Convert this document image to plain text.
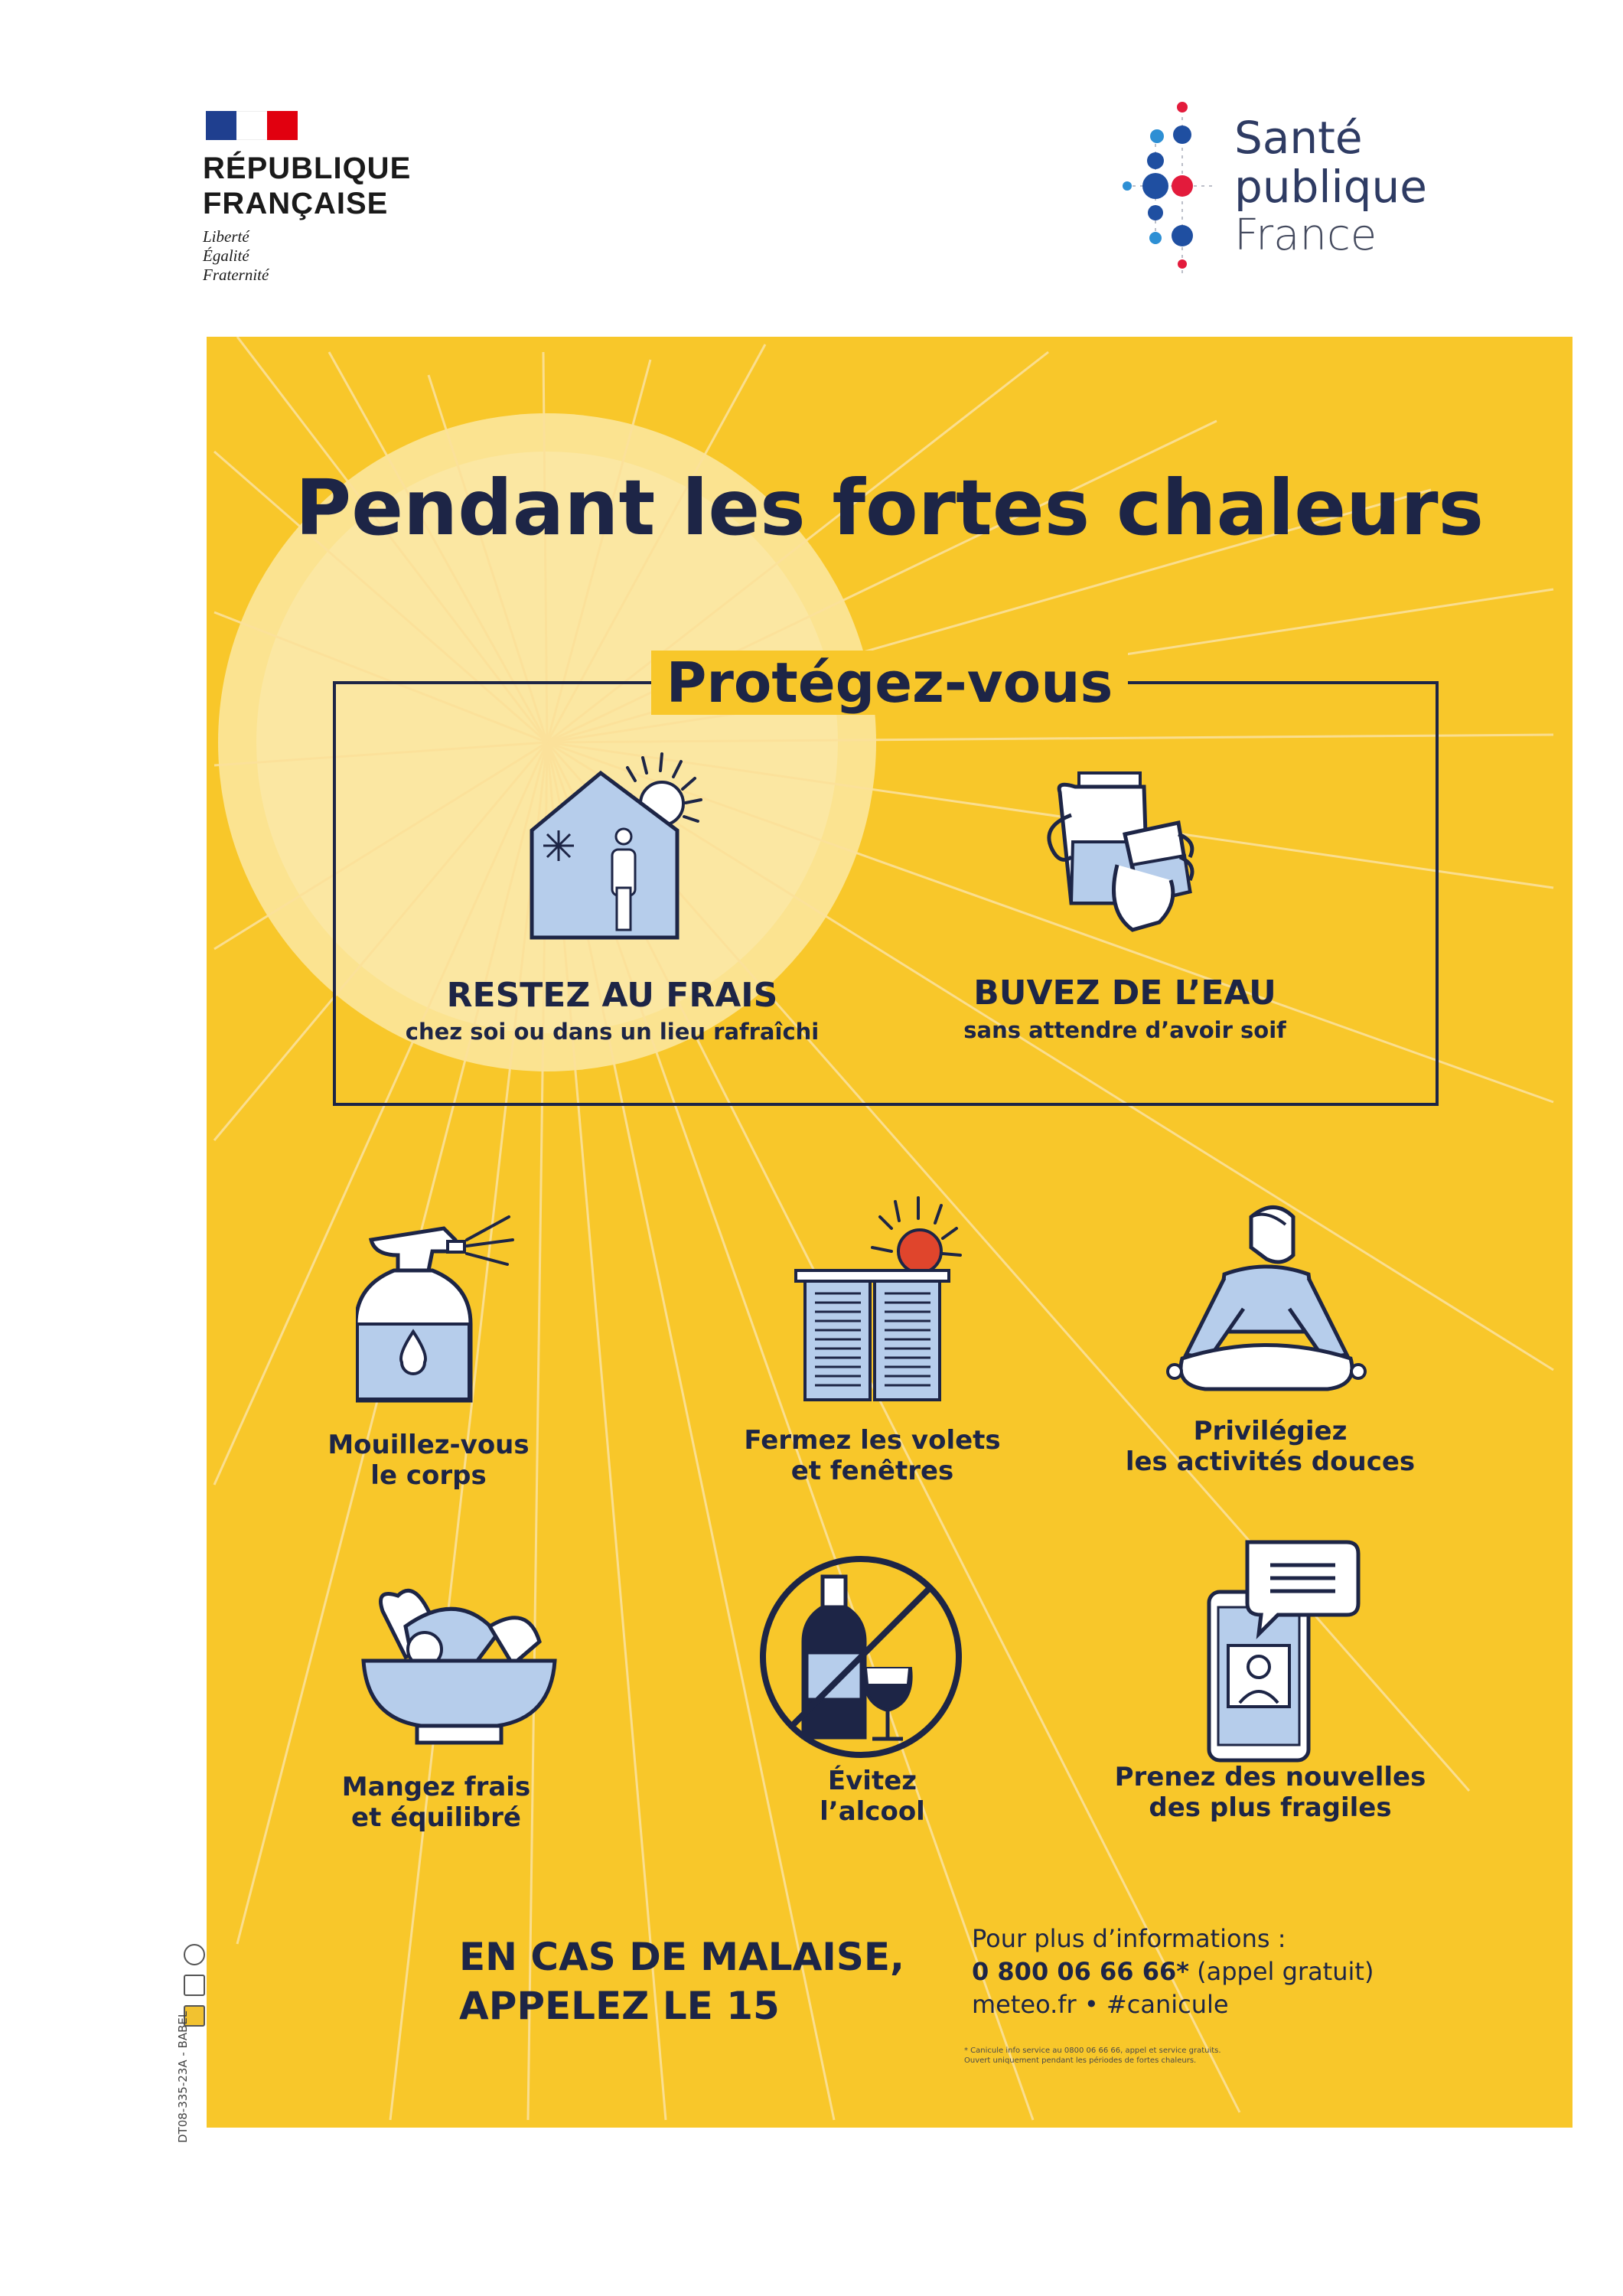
RÉPUBLIQUE
FRANÇAISE
Liberté
Égalité
Fraternité
Santé
publique
France
Pendant les fortes chaleurs
Protégez-vous
RESTEZ AU FRAIS
chez soi ou dans un lieu rafraîchi
BUVEZ DE L’EAU
sans attendre d’avoir soif
Mouillez-vous
le corps
Fermez les volets
et fenêtres
Privilégiez
les activités douces
Mangez frais
et équilibré
Évitez
l’alcool
Prenez des nouvelles
des plus fragiles
EN CAS DE MALAISE,
APPELEZ LE 15
Pour plus d’informations :
0 800 06 66 66* (appel gratuit)
meteo.fr • #canicule
* Canicule info service au 0800 06 66 66, appel et service gratuits.
Ouvert uniquement pendant les périodes de fortes chaleurs.
DT08-335-23A - BABEL
